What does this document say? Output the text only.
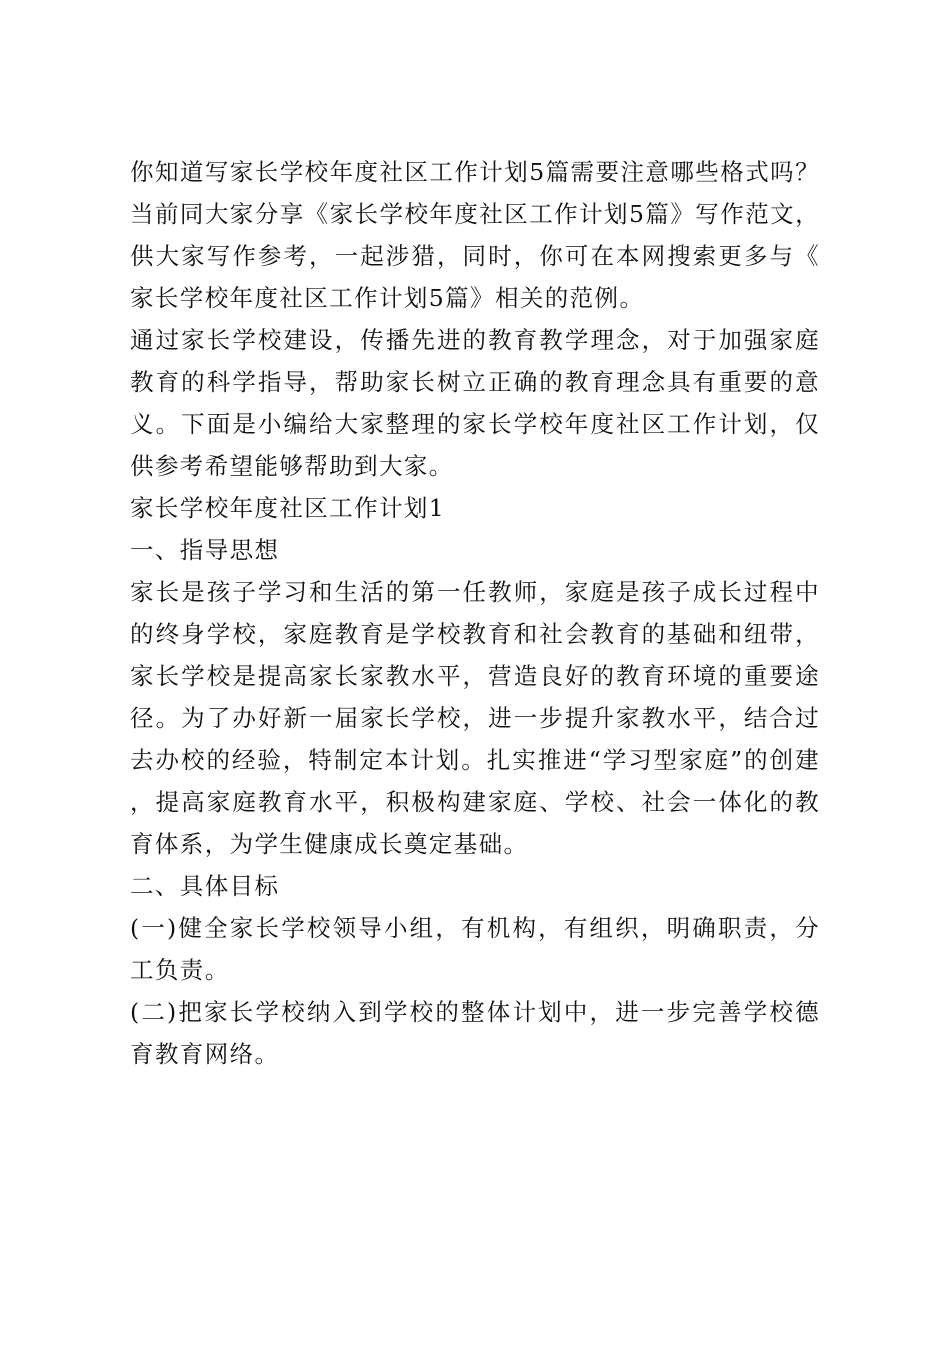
你知道写家长学校年度社区工作计划5篇需要注意哪些格式吗？当前同大家分享《家长学校年度社区工作计划5篇》写作范文，供大家写作参考，一起涉猎，同时，你可在本网搜索更多与《家长学校年度社区工作计划5篇》相关的范例。

通过家长学校建设，传播先进的教育教学理念，对于加强家庭教育的科学指导，帮助家长树立正确的教育理念具有重要的意义。下面是小编给大家整理的家长学校年度社区工作计划，仅供参考希望能够帮助到大家。

家长学校年度社区工作计划1

一、指导思想

家长是孩子学习和生活的第一任教师，家庭是孩子成长过程中的终身学校，家庭教育是学校教育和社会教育的基础和纽带，家长学校是提高家长家教水平，营造良好的教育环境的重要途径。为了办好新一届家长学校，进一步提升家教水平，结合过去办校的经验，特制定本计划。扎实推进“学习型家庭”的创建，提高家庭教育水平，积极构建家庭、学校、社会一体化的教育体系，为学生健康成长奠定基础。

二、具体目标

(一)健全家长学校领导小组，有机构，有组织，明确职责，分工负责。

(二)把家长学校纳入到学校的整体计划中，进一步完善学校德育教育网络。
